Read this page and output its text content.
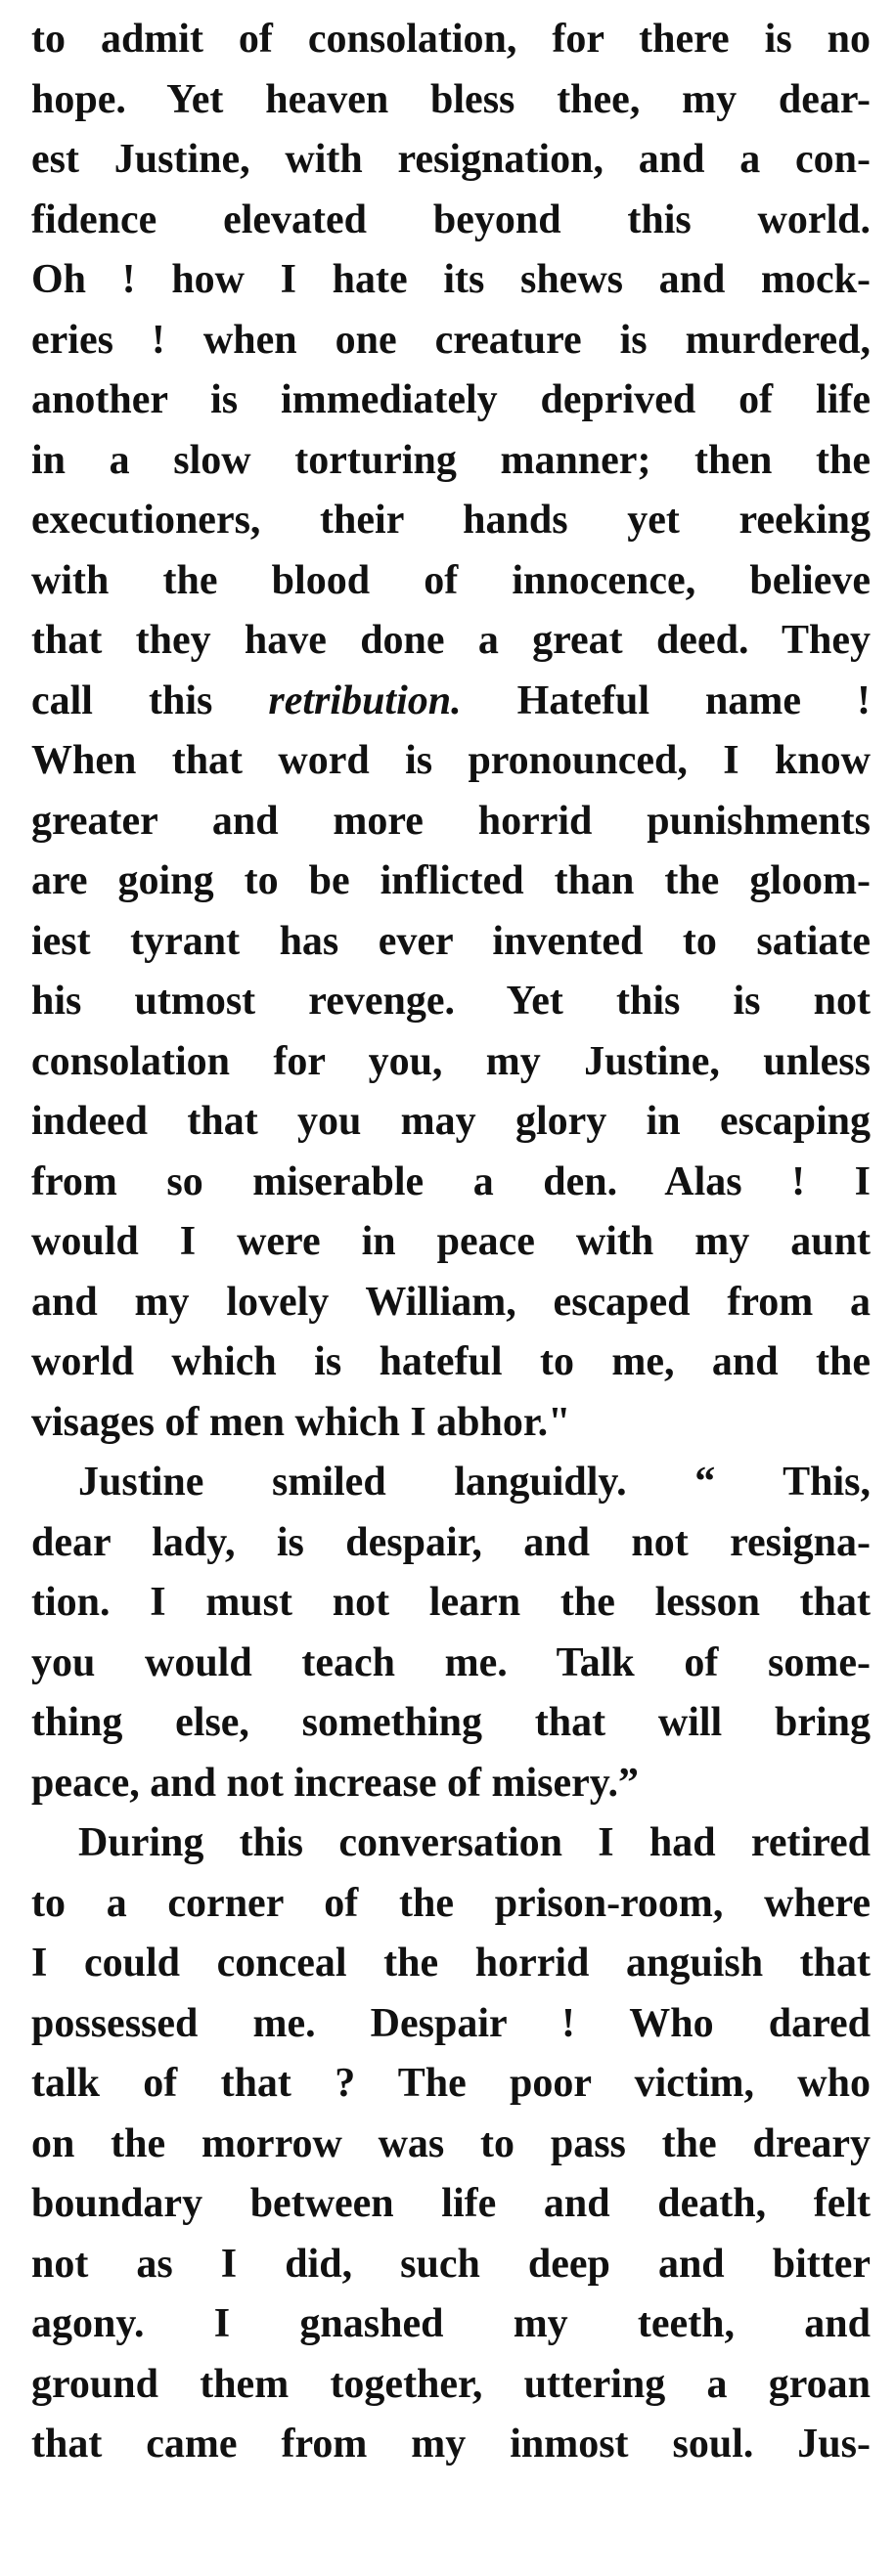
to admit of consolation, for there is no
hope. Yet heaven bless thee, my dear-
est Justine, with resignation, and a con-
fidence elevated beyond this world.
Oh ! how I hate its shews and mock-
eries ! when one creature is murdered,
another is immediately deprived of life
in a slow torturing manner; then the
executioners, their hands yet reeking
with the blood of innocence, believe
that they have done a great deed. They
call this retribution. Hateful name !
When that word is pronounced, I know
greater and more horrid punishments
are going to be inflicted than the gloom-
iest tyrant has ever invented to satiate
his utmost revenge. Yet this is not
consolation for you, my Justine, unless
indeed that you may glory in escaping
from so miserable a den. Alas ! I
would I were in peace with my aunt
and my lovely William, escaped from a
world which is hateful to me, and the
visages of men which I abhor."
Justine smiled languidly. “ This,
dear lady, is despair, and not resigna-
tion. I must not learn the lesson that
you would teach me. Talk of some-
thing else, something that will bring
peace, and not increase of misery.”
During this conversation I had retired
to a corner of the prison-room, where
I could conceal the horrid anguish that
possessed me. Despair ! Who dared
talk of that ? The poor victim, who
on the morrow was to pass the dreary
boundary between life and death, felt
not as I did, such deep and bitter
agony. I gnashed my teeth, and
ground them together, uttering a groan
that came from my inmost soul. Jus-
